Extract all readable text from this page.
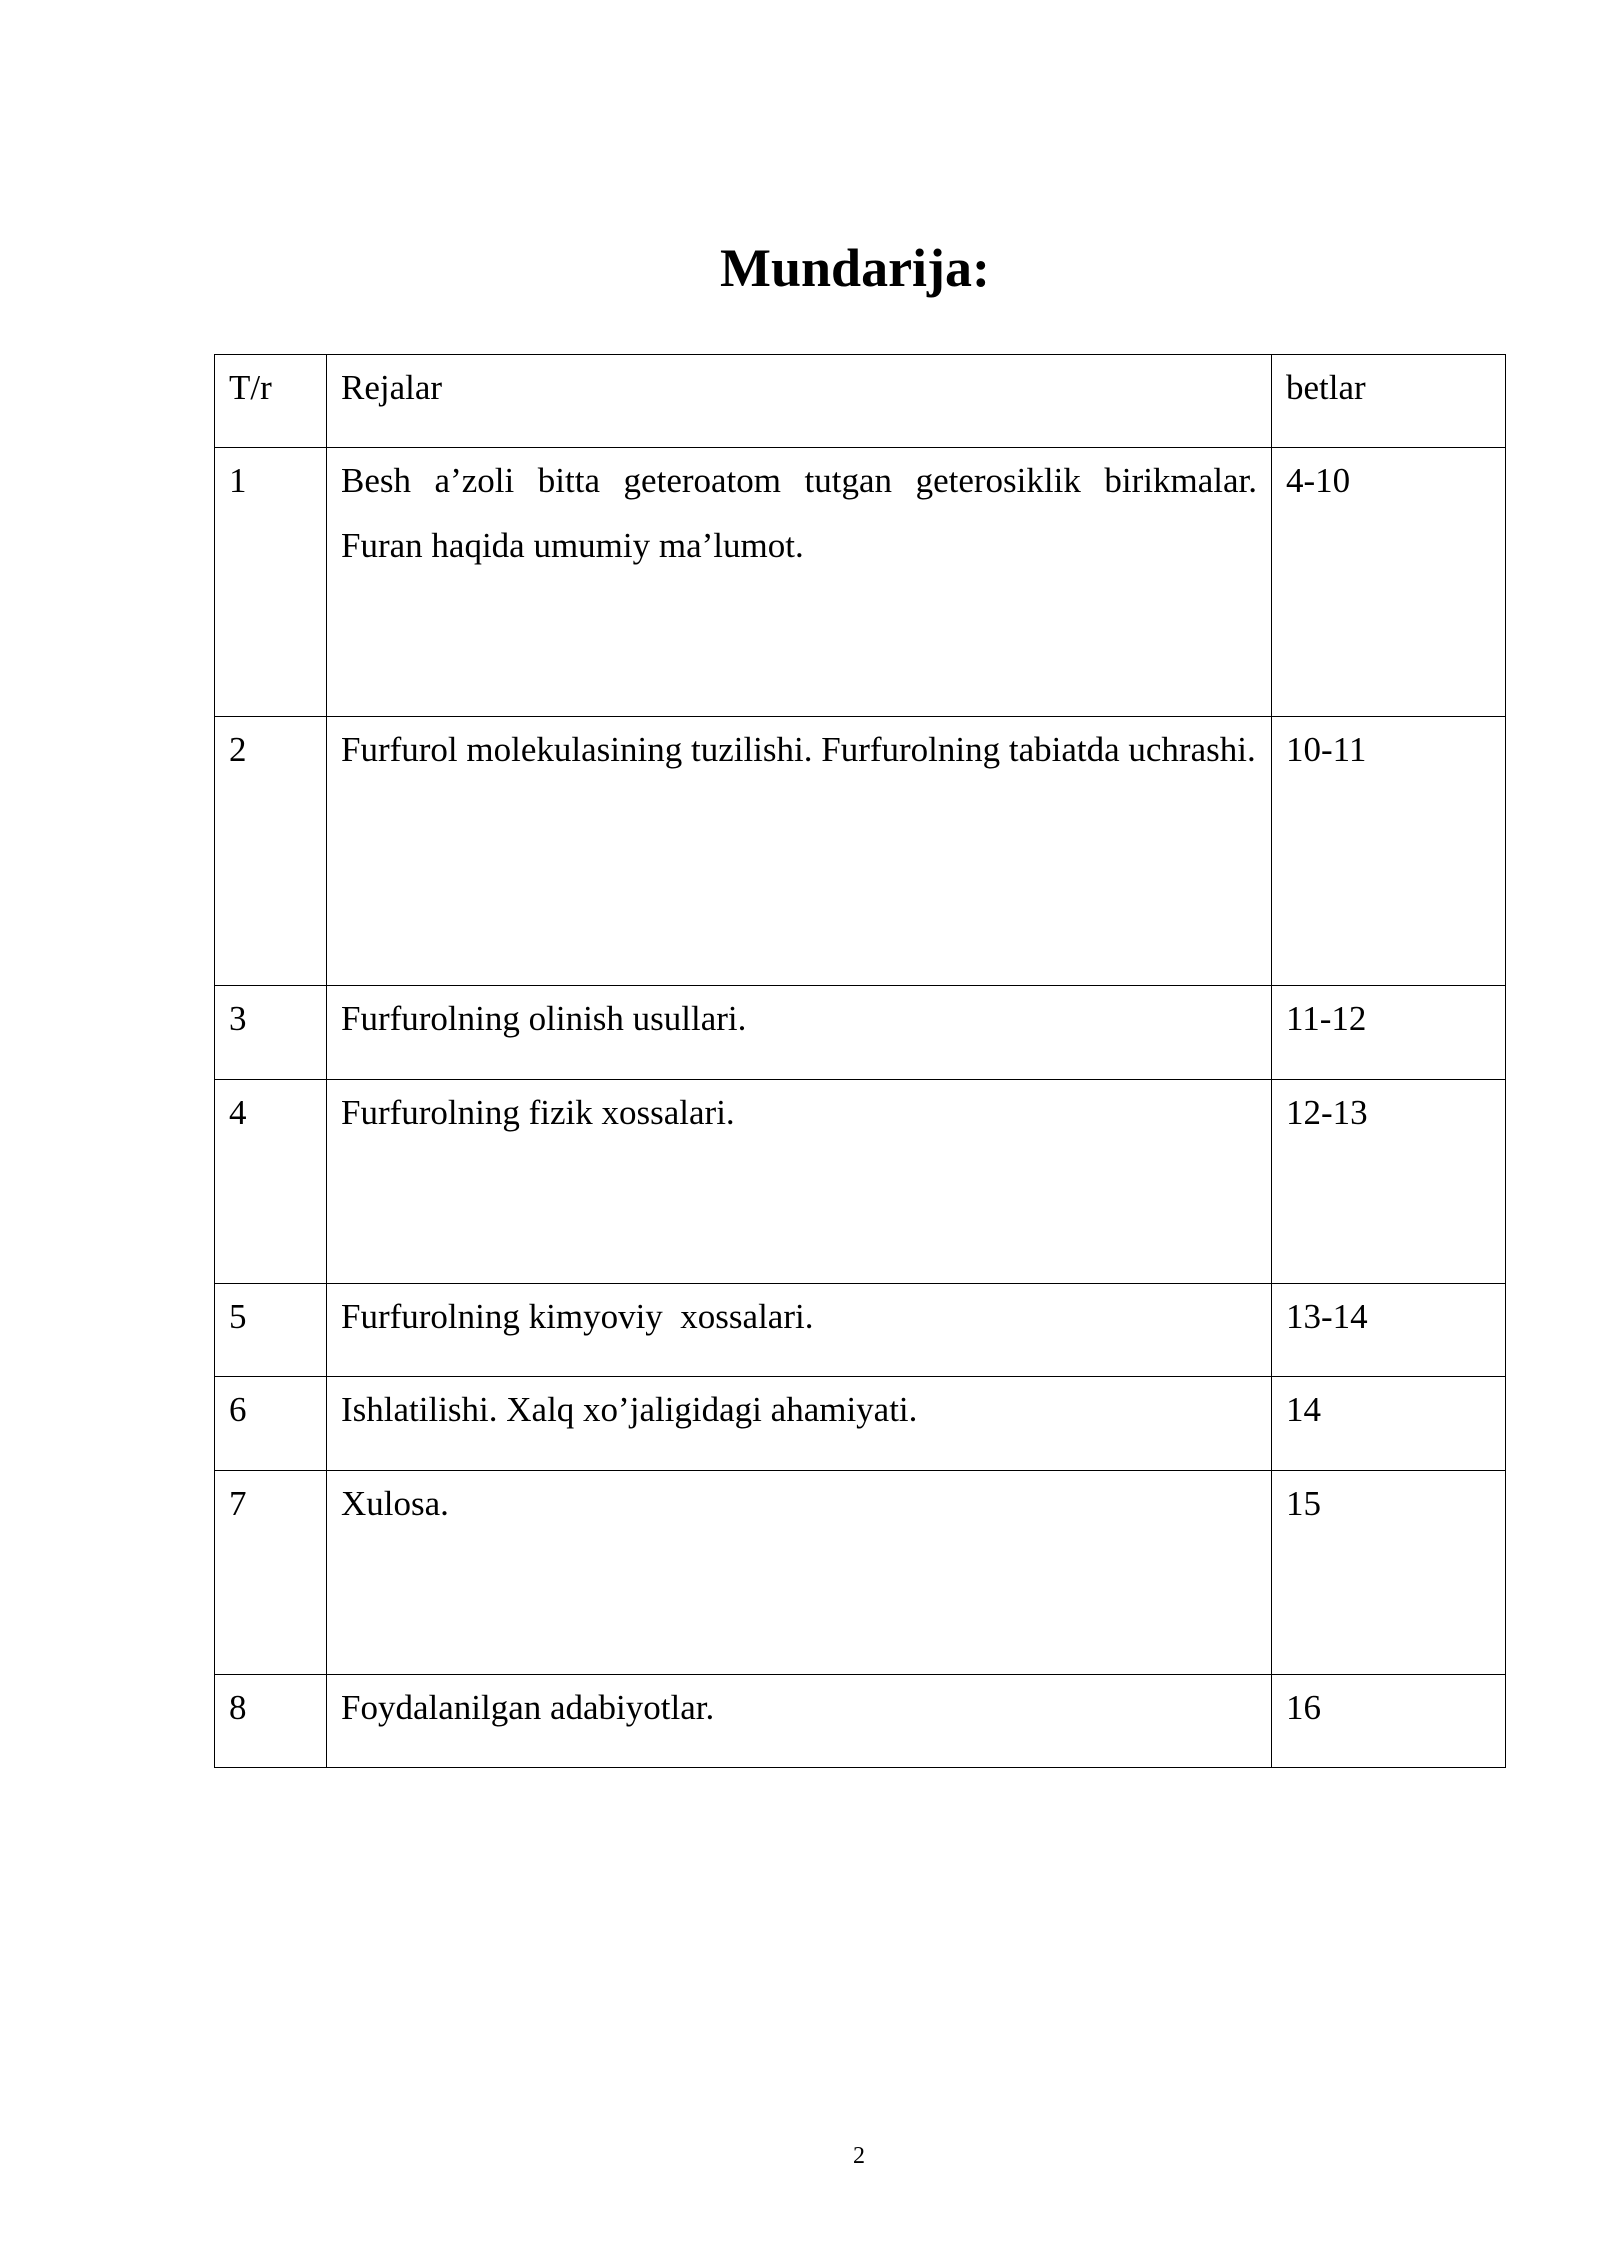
Mundarija:
T/r	Rejalar	betlar
1	Besh a’zoli bitta geteroatom tutgan geterosiklik birikmalar. Furan haqida umumiy ma’lumot.	4-10
2	Furfurol molekulasining tuzilishi. Furfurolning tabiatda uchrashi.	10-11
3	Furfurolning olinish usullari.	11-12
4	Furfurolning fizik xossalari.	12-13
5	Furfurolning kimyoviy  xossalari.	13-14
6	Ishlatilishi. Xalq xo’jaligidagi ahamiyati.	14
7	Xulosa.	15
8	Foydalanilgan adabiyotlar.	16
2
